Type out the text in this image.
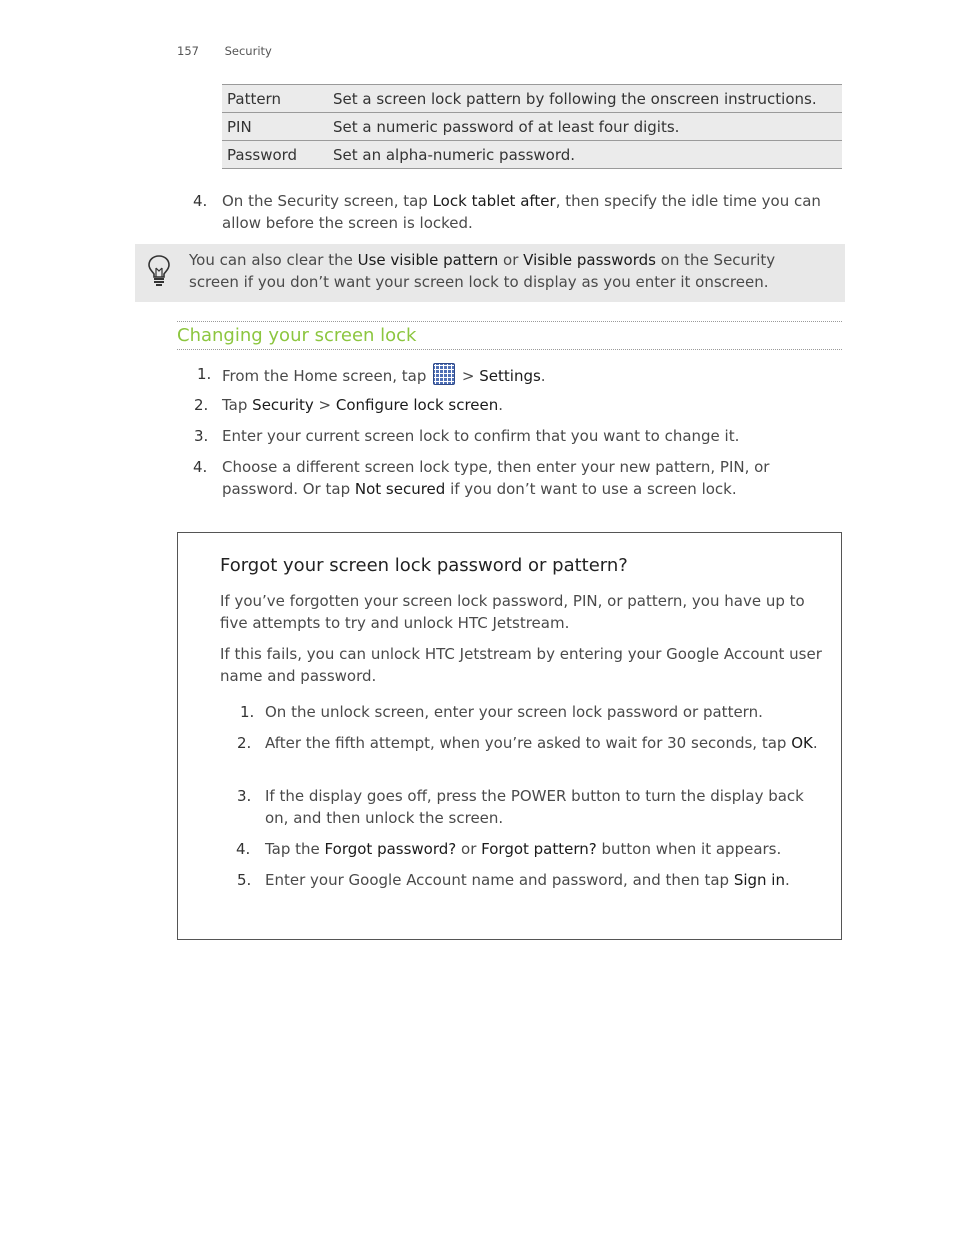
157 Security
Pattern	Set a screen lock pattern by following the onscreen instructions.
PIN	Set a numeric password of at least four digits.
Password	Set an alpha-numeric password.
4. On the Security screen, tap Lock tablet after, then specify the idle time you can allow before the screen is locked.
You can also clear the Use visible pattern or Visible passwords on the Security screen if you don’t want your screen lock to display as you enter it onscreen.
Changing your screen lock
1. From the Home screen, tap  > Settings.
2. Tap Security > Configure lock screen.
3. Enter your current screen lock to confirm that you want to change it.
4. Choose a different screen lock type, then enter your new pattern, PIN, or password. Or tap Not secured if you don’t want to use a screen lock.
Forgot your screen lock password or pattern?
If you’ve forgotten your screen lock password, PIN, or pattern, you have up to five attempts to try and unlock HTC Jetstream.
If this fails, you can unlock HTC Jetstream by entering your Google Account user name and password.
1. On the unlock screen, enter your screen lock password or pattern.
2. After the fifth attempt, when you’re asked to wait for 30 seconds, tap OK.
3. If the display goes off, press the POWER button to turn the display back on, and then unlock the screen.
4. Tap the Forgot password? or Forgot pattern? button when it appears.
5. Enter your Google Account name and password, and then tap Sign in.
